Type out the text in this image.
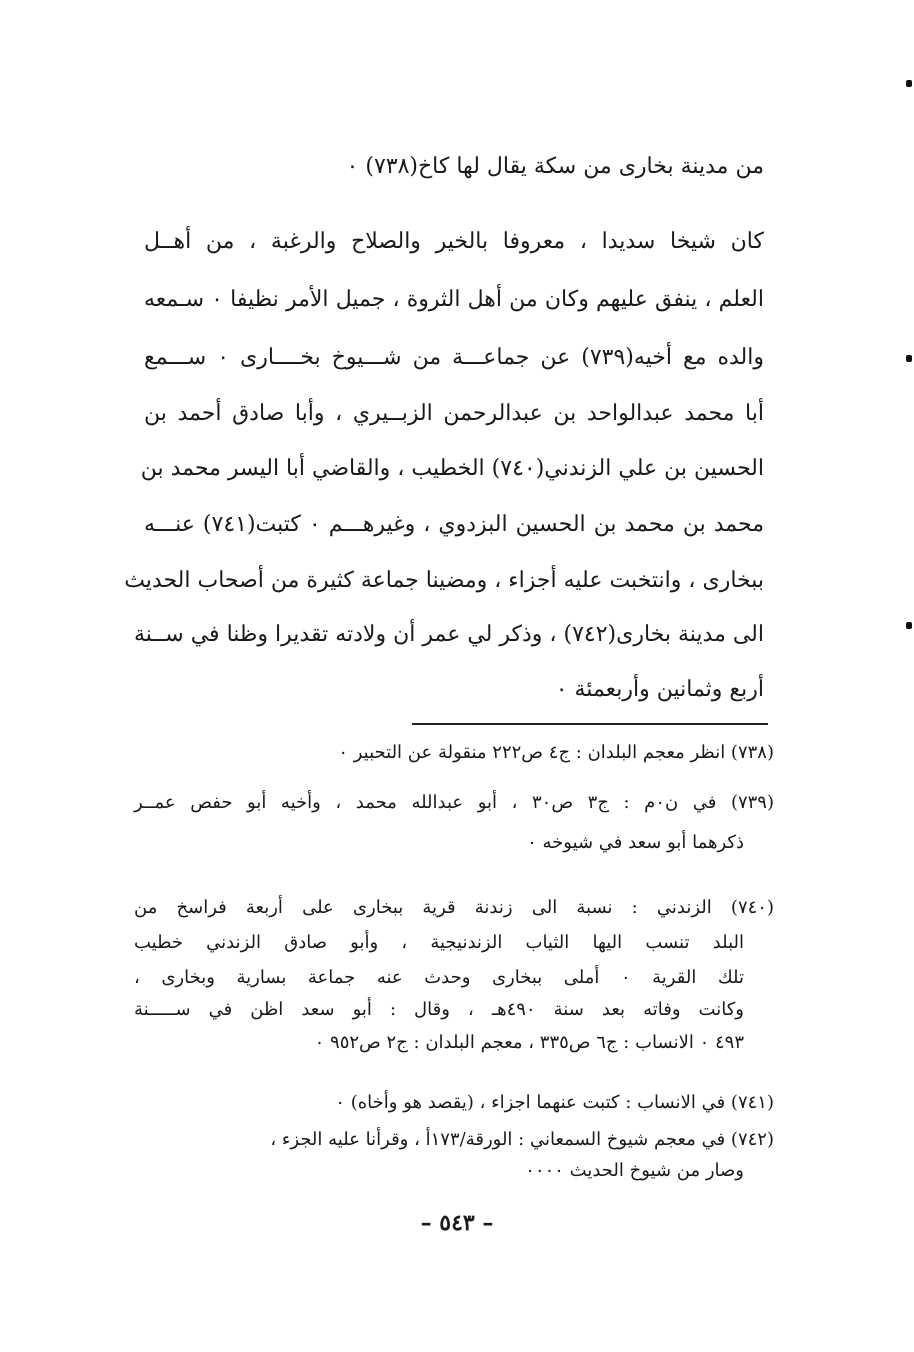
من مدينة بخارى من سكة يقال لها كاخ(٧٣٨) ٠
كان شيخا سديدا ، معروفا بالخير والصلاح والرغبة ، من أهــل
العلم ، ينفق عليهم وكان من أهل الثروة ، جميل الأمر نظيفا ٠ سـمعه
والده مع أخيه(٧٣٩) عن جماعـــة من شـــيوخ بخــــارى ٠ ســـمع
أبا محمد عبدالواحد بن عبدالرحمن الزبــيري ، وأبا صادق أحمد بن
الحسين بن علي الزندني(٧٤٠) الخطيب ، والقاضي أبا اليسر محمد بن
محمد بن محمد بن الحسين البزدوي ، وغيرهـــم ٠ كتبت(٧٤١) عنـــه
ببخارى ، وانتخبت عليه أجزاء ، ومضينا جماعة كثيرة من أصحاب الحديث
الى مدينة بخارى(٧٤٢) ، وذكر لي عمر أن ولادته تقديرا وظنا في ســنة
أربع وثمانين وأربعمئة ٠
(٧٣٨) انظر معجم البلدان : ج٤ ص٢٢٢ منقولة عن التحبير ٠
(٧٣٩) في ن٠م : ج٣ ص٣٠ ، أبو عبدالله محمد ، وأخيه أبو حفص عمــر
ذكرهما أبو سعد في شيوخه ٠
(٧٤٠) الزندني : نسبة الى زندنة قرية ببخارى على أربعة فراسخ من
البلد تنسب اليها الثياب الزندنيجية ، وأبو صادق الزندني خطيب
تلك القرية ٠ أملى ببخارى وحدث عنه جماعة بسارية وبخارى ،
وكانت وفاته بعد سنة ٤٩٠هـ ، وقال : أبو سعد اظن في ســـــنة
٤٩٣ ٠ الانساب : ج٦ ص٣٣٥ ، معجم البلدان : ج٢ ص٩٥٢ ٠
(٧٤١) في الانساب : كتبت عنهما اجزاء ، (يقصد هو وأخاه) ٠
(٧٤٢) في معجم شيوخ السمعاني : الورقة/١٧٣أ ، وقرأنا عليه الجزء ،
وصار من شيوخ الحديث ٠٠٠٠
– ٥٤٣ –
